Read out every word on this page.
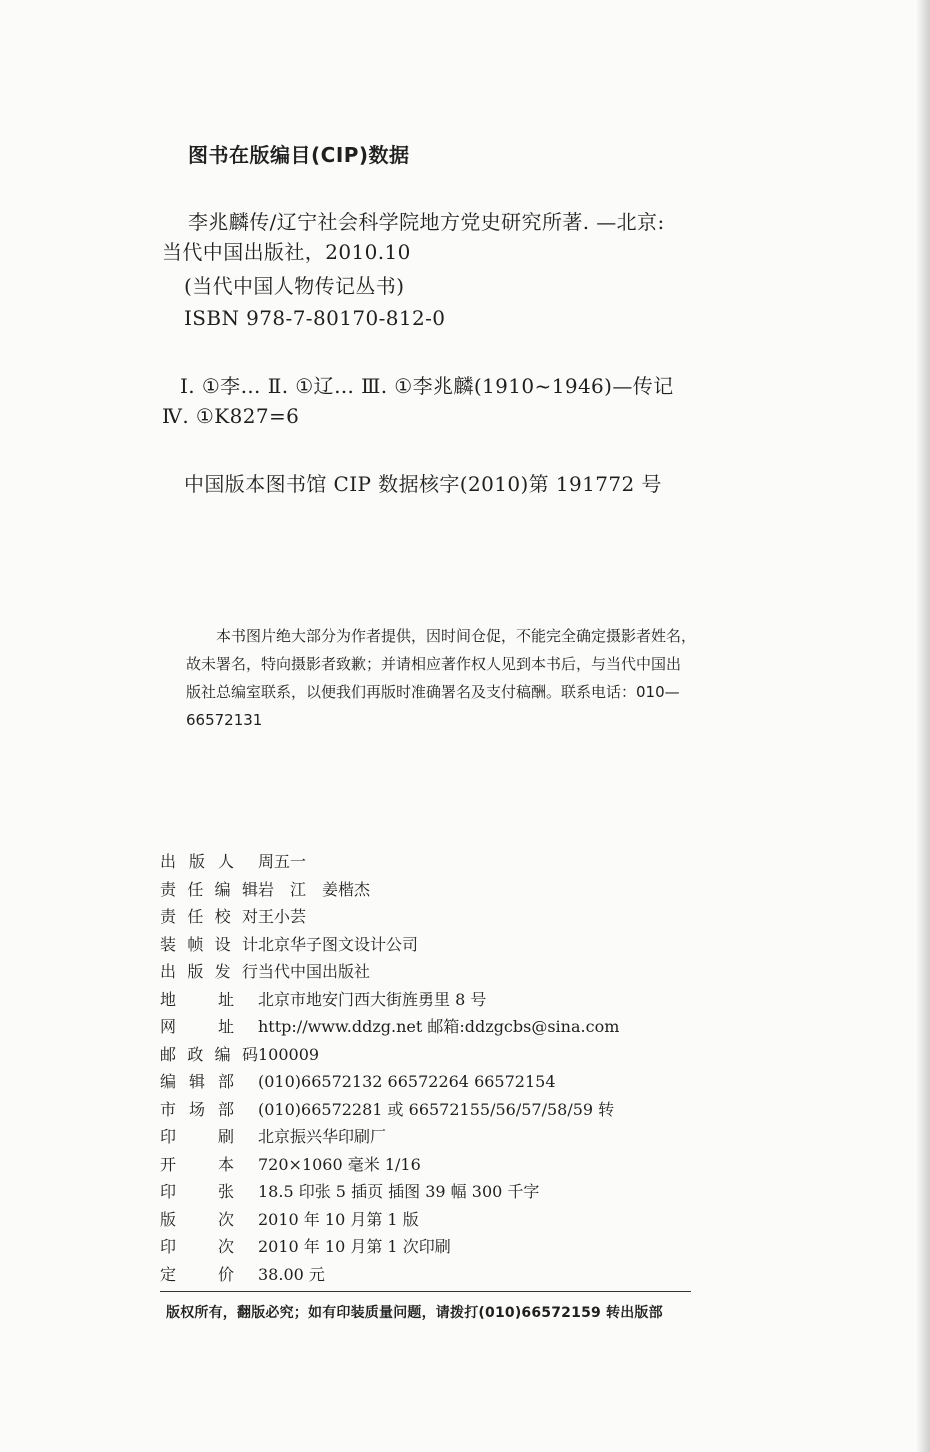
图书在版编目(CIP)数据
李兆麟传/辽宁社会科学院地方党史研究所著. —北京:
当代中国出版社，2010.10
(当代中国人物传记丛书)
ISBN 978-7-80170-812-0
Ⅰ. ①李… Ⅱ. ①辽… Ⅲ. ①李兆麟(1910~1946)—传记
Ⅳ. ①K827=6
中国版本图书馆 CIP 数据核字(2010)第 191772 号

本书图片绝大部分为作者提供，因时间仓促，不能完全确定摄影者姓名，

故未署名，特向摄影者致歉；并请相应著作权人见到本书后，与当代中国出

版社总编室联系，以便我们再版时准确署名及支付稿酬。联系电话：010—

66572131

出 版 人 周五一
责 任 编 辑 岩　江　姜楷杰
责 任 校 对 王小芸
装 帧 设 计 北京华子图文设计公司
出 版 发 行 当代中国出版社
地	址 北京市地安门西大街旌勇里 8 号
网	址 http://www.ddzg.net 邮箱:ddzgcbs@sina.com
邮 政 编 码 100009
编 辑 部 (010)66572132 66572264 66572154
市 场 部 (010)66572281 或 66572155/56/57/58/59 转
印	刷 北京振兴华印刷厂
开	本 720×1060 毫米 1/16
印	张 18.5 印张 5 插页 插图 39 幅 300 千字
版	次 2010 年 10 月第 1 版
印	次 2010 年 10 月第 1 次印刷
定	价 38.00 元
版权所有，翻版必究；如有印装质量问题，请拨打(010)66572159 转出版部
